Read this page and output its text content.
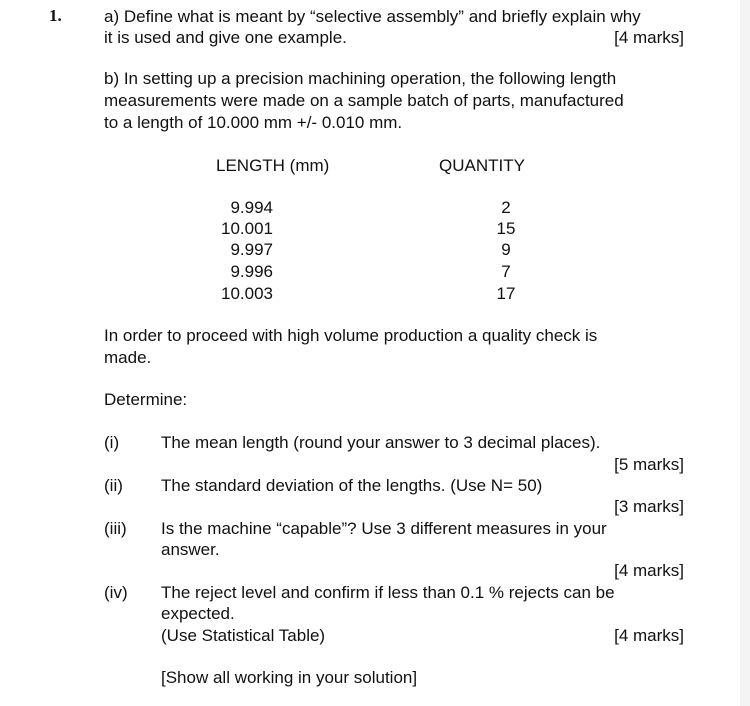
1. a) Define what is meant by “selective assembly” and briefly explain why
it is used and give one example.	[4 marks]
b) In setting up a precision machining operation, the following length
measurements were made on a sample batch of parts, manufactured
to a length of 10.000 mm +/- 0.010 mm.
LENGTH (mm)	QUANTITY
9.994	2
10.001	15
9.997	9
9.996	7
10.003	17
In order to proceed with high volume production a quality check is
made.
Determine:
(i) The mean length (round your answer to 3 decimal places).
[5 marks]
(ii) The standard deviation of the lengths. (Use N= 50)
[3 marks]
(iii) Is the machine “capable”? Use 3 different measures in your
answer.
[4 marks]
(iv) The reject level and confirm if less than 0.1 % rejects can be
expected.
(Use Statistical Table)	[4 marks]
[Show all working in your solution]
